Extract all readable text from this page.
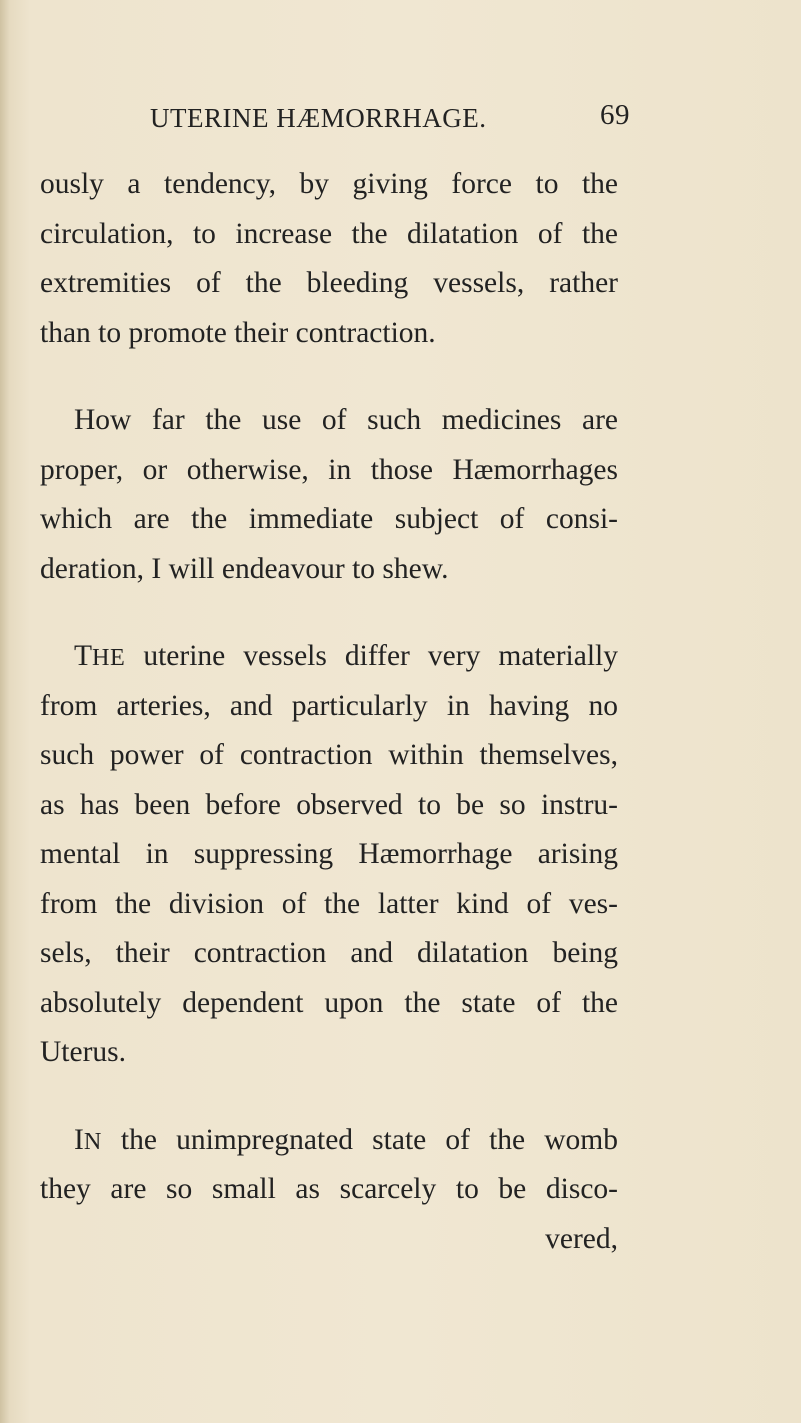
UTERINE HÆMORRHAGE.	69
ously a tendency, by giving force to the
circulation, to increase the dilatation of the
extremities of the bleeding vessels, rather
than to promote their contraction.
How far the use of such medicines are
proper, or otherwise, in those Hæmorrhages
which are the immediate subject of consi-
deration, I will endeavour to shew.
THE uterine vessels differ very materially
from arteries, and particularly in having no
such power of contraction within themselves,
as has been before observed to be so instru-
mental in suppressing Hæmorrhage arising
from the division of the latter kind of ves-
sels, their contraction and dilatation being
absolutely dependent upon the state of the
Uterus.
IN the unimpregnated state of the womb
they are so small as scarcely to be disco-
vered,
